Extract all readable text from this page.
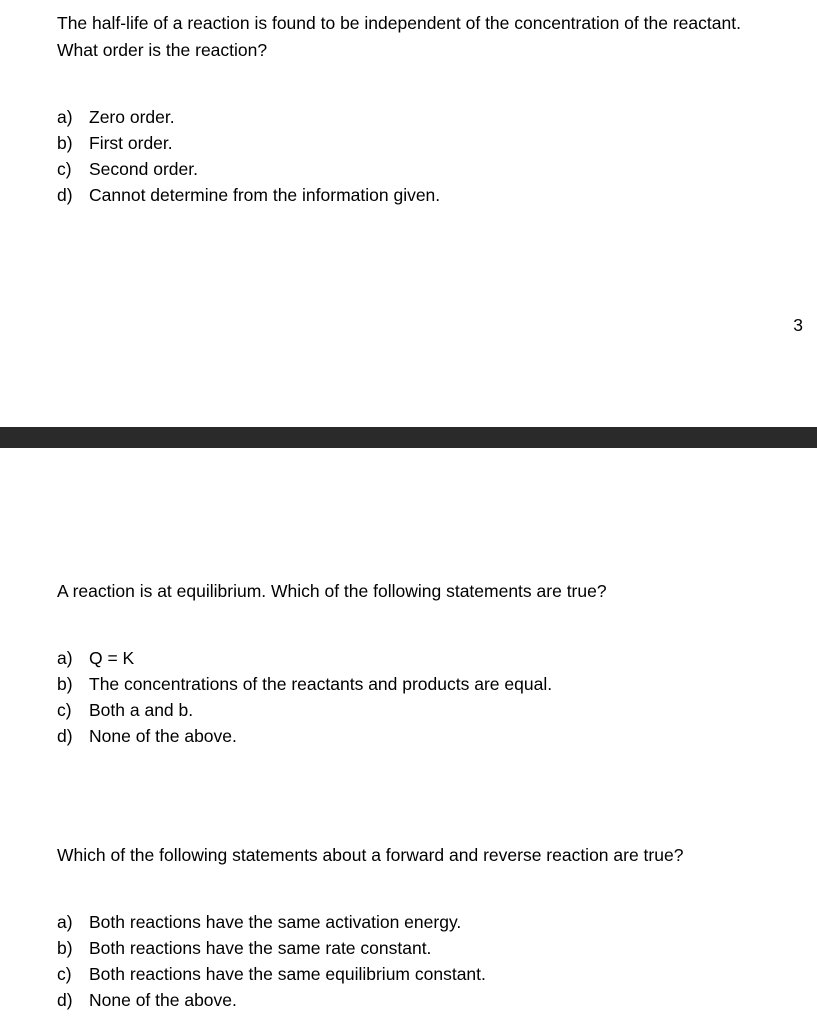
The half-life of a reaction is found to be independent of the concentration of the reactant.
What order is the reaction?
a) Zero order.
b) First order.
c) Second order.
d) Cannot determine from the information given.
3
A reaction is at equilibrium. Which of the following statements are true?
a) Q = K
b) The concentrations of the reactants and products are equal.
c) Both a and b.
d) None of the above.
Which of the following statements about a forward and reverse reaction are true?
a) Both reactions have the same activation energy.
b) Both reactions have the same rate constant.
c) Both reactions have the same equilibrium constant.
d) None of the above.
